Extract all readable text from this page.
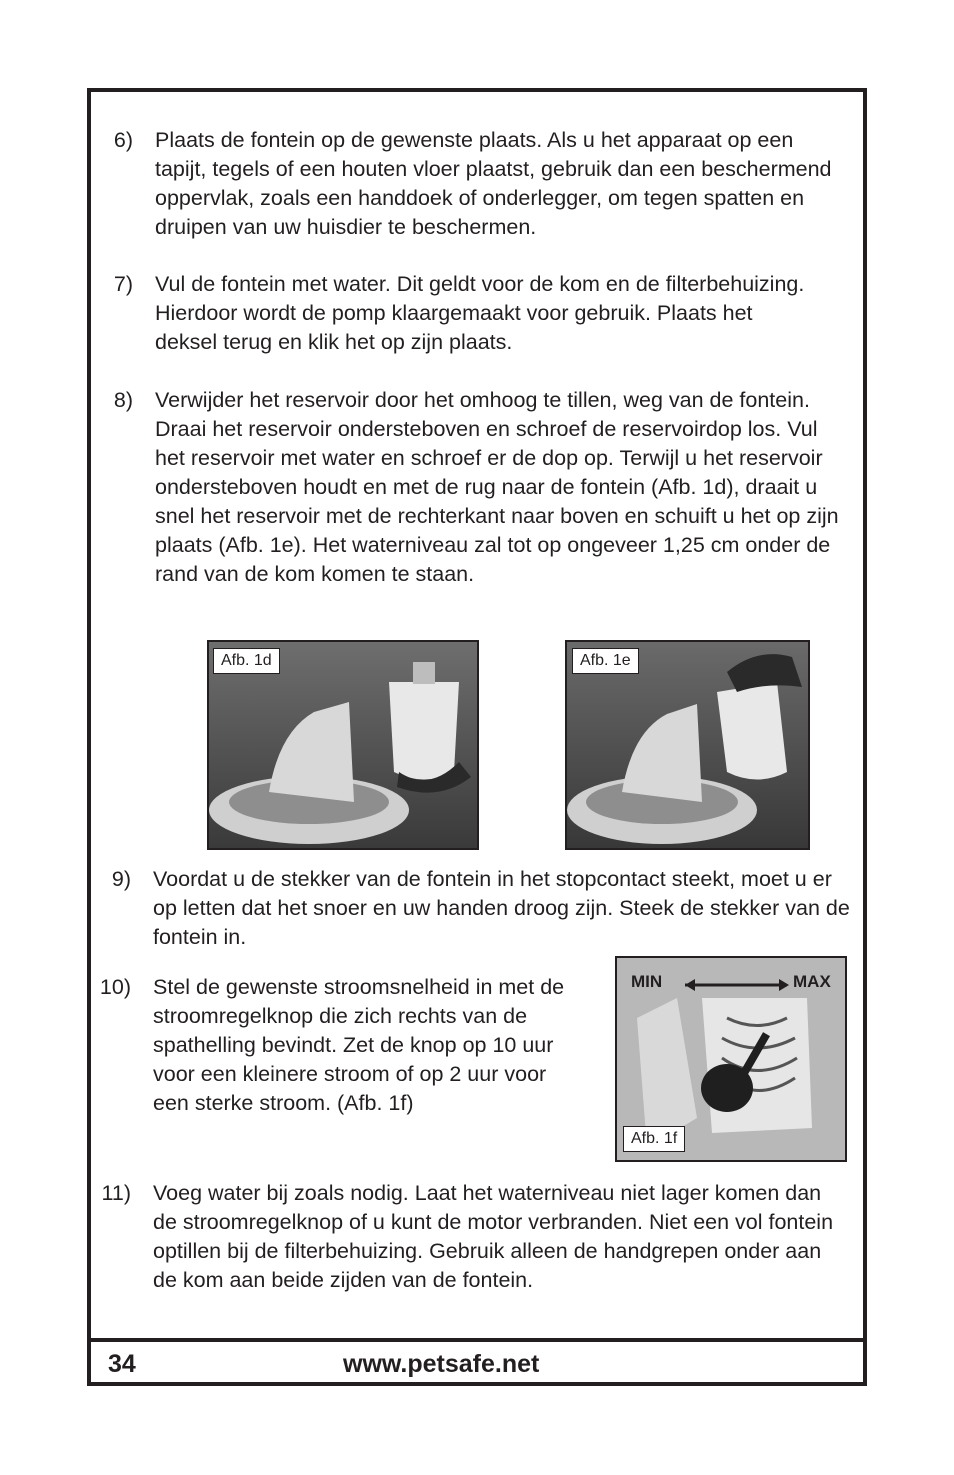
6) Plaats de fontein op de gewenste plaats. Als u het apparaat op een tapijt, tegels of een houten vloer plaatst, gebruik dan een beschermend oppervlak, zoals een handdoek of onderlegger, om tegen spatten en druipen van uw huisdier te beschermen.
7) Vul de fontein met water. Dit geldt voor de kom en de filterbehuizing. Hierdoor wordt de pomp klaargemaakt voor gebruik. Plaats het deksel terug en klik het op zijn plaats.
8) Verwijder het reservoir door het omhoog te tillen, weg van de fontein. Draai het reservoir ondersteboven en schroef de reservoirdop los. Vul het reservoir met water en schroef er de dop op. Terwijl u het reservoir ondersteboven houdt en met de rug naar de fontein (Afb. 1d), draait u snel het reservoir met de rechterkant naar boven en schuift u het op zijn plaats (Afb. 1e). Het waterniveau zal tot op ongeveer 1,25 cm onder de rand van de kom komen te staan.
Afb. 1d	Afb. 1e
9) Voordat u de stekker van de fontein in het stopcontact steekt, moet u er op letten dat het snoer en uw handen droog zijn. Steek de stekker van de fontein in.
10) Stel de gewenste stroomsnelheid in met de stroomregelknop die zich rechts van de spathelling bevindt. Zet de knop op 10 uur voor een kleinere stroom of op 2 uur voor een sterke stroom. (Afb. 1f)
MIN	MAX
Afb. 1f
11) Voeg water bij zoals nodig. Laat het waterniveau niet lager komen dan de stroomregelknop of u kunt de motor verbranden. Niet een vol fontein optillen bij de filterbehuizing. Gebruik alleen de handgrepen onder aan de kom aan beide zijden van de fontein.
34	www.petsafe.net
